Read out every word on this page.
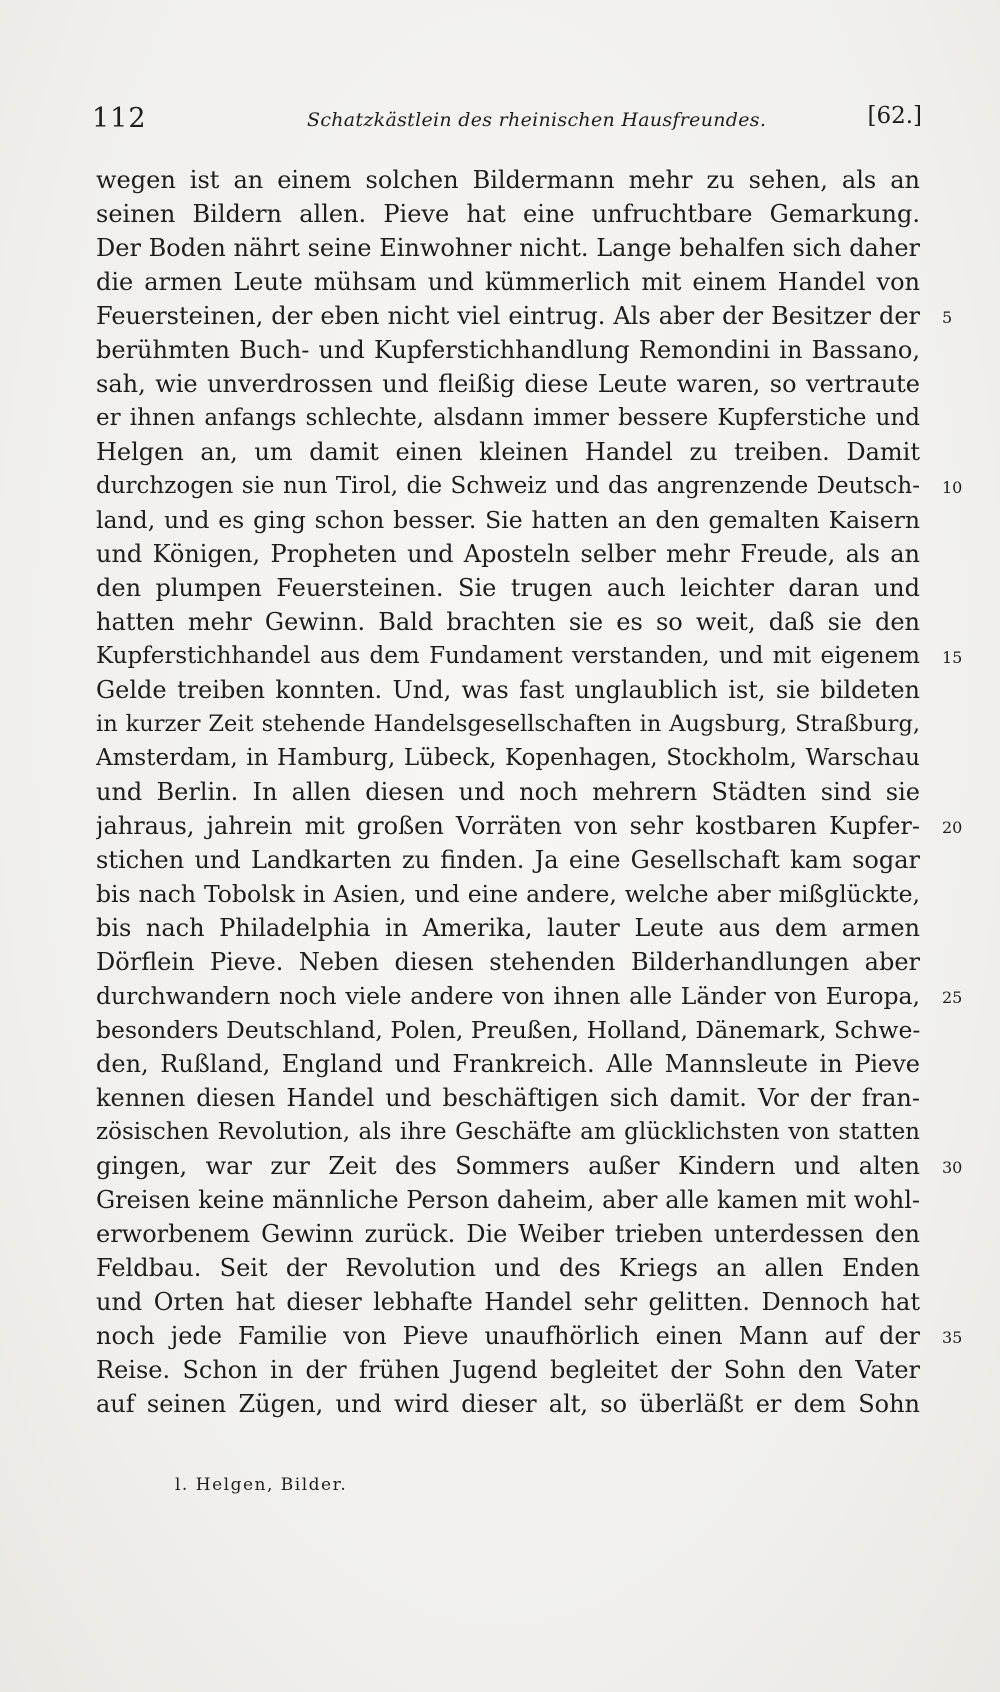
112	Schatzkästlein des rheinischen Hausfreundes.	[62.]
wegen ist an einem solchen Bildermann mehr zu sehen, als an
seinen Bildern allen. Pieve hat eine unfruchtbare Gemarkung.
Der Boden nährt seine Einwohner nicht. Lange behalfen sich daher
die armen Leute mühsam und kümmerlich mit einem Handel von
Feuersteinen, der eben nicht viel eintrug. Als aber der Besitzer der 5
berühmten Buch- und Kupferstichhandlung Remondini in Bassano,
sah, wie unverdrossen und fleißig diese Leute waren, so vertraute
er ihnen anfangs schlechte, alsdann immer bessere Kupferstiche und
Helgen an, um damit einen kleinen Handel zu treiben. Damit
durchzogen sie nun Tirol, die Schweiz und das angrenzende Deutsch- 10
land, und es ging schon besser. Sie hatten an den gemalten Kaisern
und Königen, Propheten und Aposteln selber mehr Freude, als an
den plumpen Feuersteinen. Sie trugen auch leichter daran und
hatten mehr Gewinn. Bald brachten sie es so weit, daß sie den
Kupferstichhandel aus dem Fundament verstanden, und mit eigenem 15
Gelde treiben konnten. Und, was fast unglaublich ist, sie bildeten
in kurzer Zeit stehende Handelsgesellschaften in Augsburg, Straßburg,
Amsterdam, in Hamburg, Lübeck, Kopenhagen, Stockholm, Warschau
und Berlin. In allen diesen und noch mehrern Städten sind sie
jahraus, jahrein mit großen Vorräten von sehr kostbaren Kupfer- 20
stichen und Landkarten zu finden. Ja eine Gesellschaft kam sogar
bis nach Tobolsk in Asien, und eine andere, welche aber mißglückte,
bis nach Philadelphia in Amerika, lauter Leute aus dem armen
Dörflein Pieve. Neben diesen stehenden Bilderhandlungen aber
durchwandern noch viele andere von ihnen alle Länder von Europa, 25
besonders Deutschland, Polen, Preußen, Holland, Dänemark, Schwe-
den, Rußland, England und Frankreich. Alle Mannsleute in Pieve
kennen diesen Handel und beschäftigen sich damit. Vor der fran-
zösischen Revolution, als ihre Geschäfte am glücklichsten von statten
gingen, war zur Zeit des Sommers außer Kindern und alten 30
Greisen keine männliche Person daheim, aber alle kamen mit wohl-
erworbenem Gewinn zurück. Die Weiber trieben unterdessen den
Feldbau. Seit der Revolution und des Kriegs an allen Enden
und Orten hat dieser lebhafte Handel sehr gelitten. Dennoch hat
noch jede Familie von Pieve unaufhörlich einen Mann auf der 35
Reise. Schon in der frühen Jugend begleitet der Sohn den Vater
auf seinen Zügen, und wird dieser alt, so überläßt er dem Sohn
l. Helgen, Bilder.
